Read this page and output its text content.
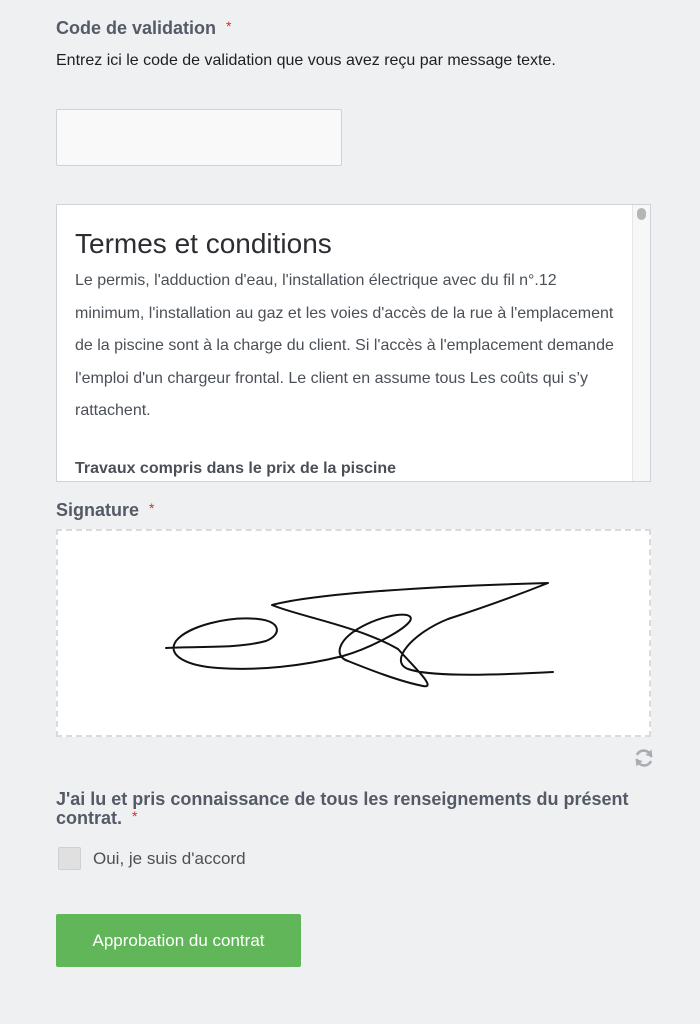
Code de validation *
Entrez ici le code de validation que vous avez reçu par message texte.
Termes et conditions

Le permis, l'adduction d'eau, l'installation électrique avec du fil n°.12 minimum, l'installation au gaz et les voies d'accès de la rue à l'emplacement de la piscine sont à la charge du client. Si l'accès à l'emplacement demande l'emploi d'un chargeur frontal. Le client en assume tous Les coûts qui s’y rattachent.

Travaux compris dans le prix de la piscine
Signature *
J'ai lu et pris connaissance de tous les renseignements du présent contrat. *
Oui, je suis d'accord
Approbation du contrat
